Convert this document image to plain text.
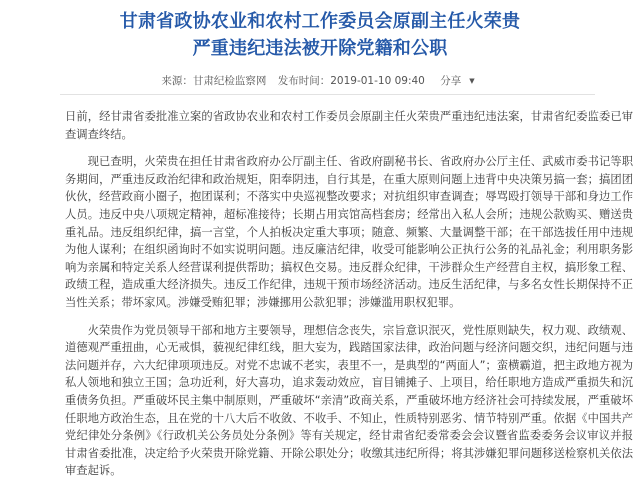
甘肃省政协农业和农村工作委员会原副主任火荣贵
严重违纪违法被开除党籍和公职
来源：甘肃纪检监察网 发布时间：2019-01-10 09:40 分享 ▼

日前，经甘肃省委批准立案的省政协农业和农村工作委员会原副主任火荣贵严重违纪违法案，甘肃省纪委监委已审查调查终结。

现已查明，火荣贵在担任甘肃省政府办公厅副主任、省政府副秘书长、省政府办公厅主任、武威市委书记等职务期间，严重违反政治纪律和政治规矩，阳奉阴违，自行其是，在重大原则问题上违背中央决策另搞一套；搞团团伙伙，经营政商小圈子，抱团谋利；不落实中央巡视整改要求；对抗组织审查调查；辱骂殴打领导干部和身边工作人员。违反中央八项规定精神，超标准接待；长期占用宾馆高档套房；经常出入私人会所；违规公款购买、赠送贵重礼品。违反组织纪律，搞一言堂，个人拍板决定重大事项；随意、频繁、大量调整干部；在干部选拔任用中违规为他人谋利；在组织函询时不如实说明问题。违反廉洁纪律，收受可能影响公正执行公务的礼品礼金；利用职务影响为亲属和特定关系人经营谋利提供帮助；搞权色交易。违反群众纪律，干涉群众生产经营自主权，搞形象工程、政绩工程，造成重大经济损失。违反工作纪律，违规干预市场经济活动。违反生活纪律，与多名女性长期保持不正当性关系；带坏家风。涉嫌受贿犯罪；涉嫌挪用公款犯罪；涉嫌滥用职权犯罪。

火荣贵作为党员领导干部和地方主要领导，理想信念丧失，宗旨意识泯灭，党性原则缺失，权力观、政绩观、道德观严重扭曲，心无戒惧，藐视纪律红线，胆大妄为，践踏国家法律，政治问题与经济问题交织，违纪问题与违法问题并存，六大纪律项项违反。对党不忠诚不老实，表里不一，是典型的“两面人”；蛮横霸道，把主政地方视为私人领地和独立王国；急功近利，好大喜功，追求轰动效应，盲目铺摊子、上项目，给任职地方造成严重损失和沉重债务负担。严重破坏民主集中制原则，严重破坏“亲清”政商关系，严重破坏地方经济社会可持续发展，严重破坏任职地方政治生态，且在党的十八大后不收敛、不收手、不知止，性质特别恶劣、情节特别严重。依据《中国共产党纪律处分条例》《行政机关公务员处分条例》等有关规定，经甘肃省纪委常委会会议暨省监委委务会议审议并报甘肃省委批准，决定给予火荣贵开除党籍、开除公职处分；收缴其违纪所得；将其涉嫌犯罪问题移送检察机关依法审查起诉。
